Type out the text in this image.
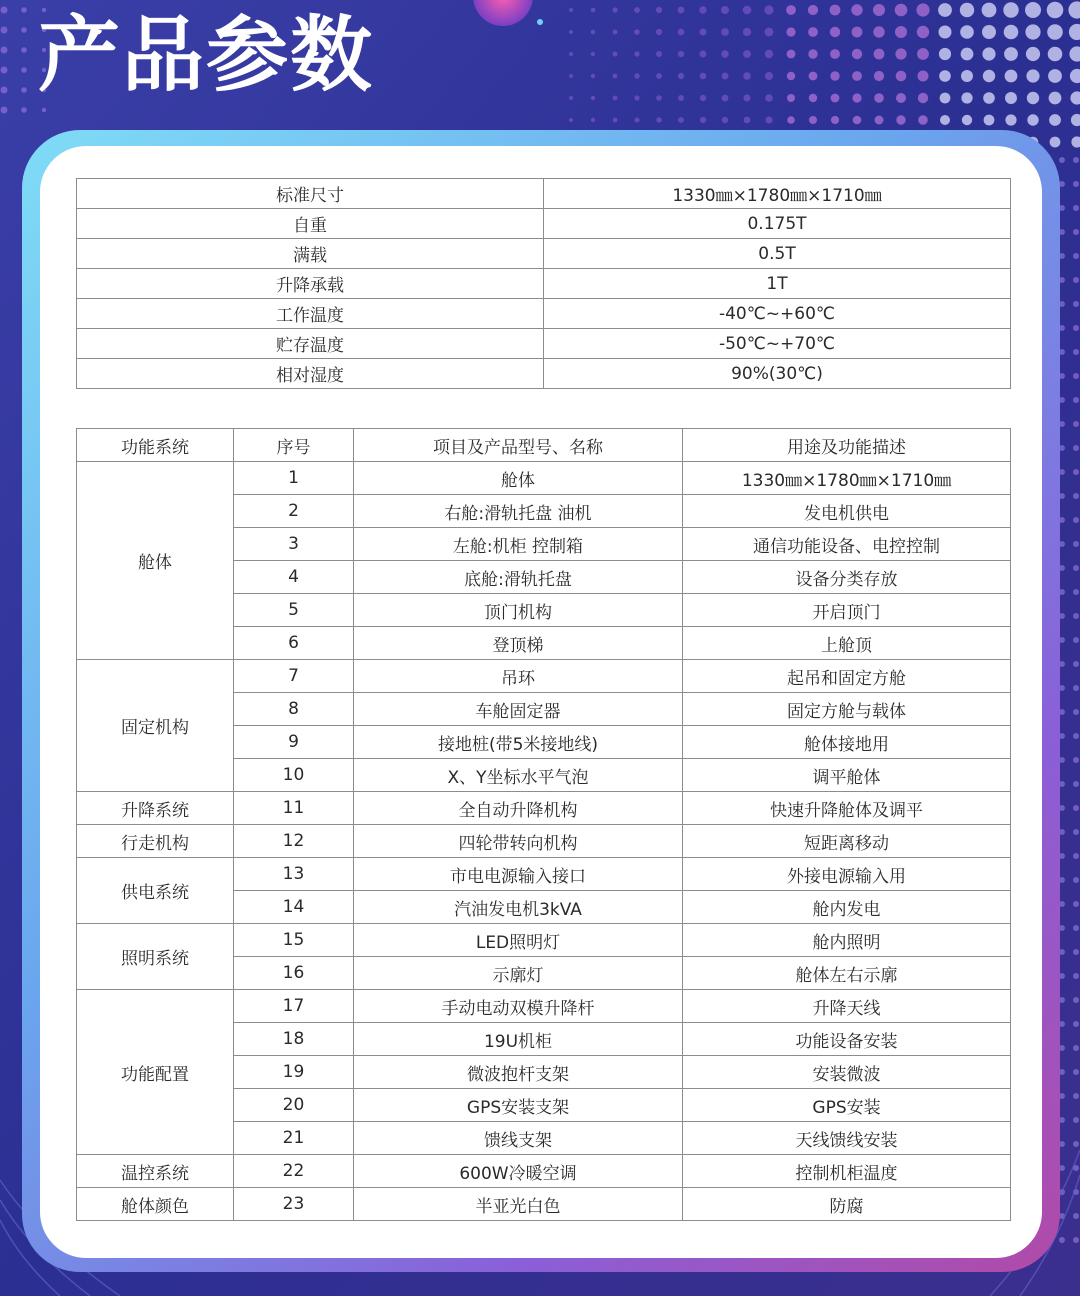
产品参数
标准尺寸	1330㎜×1780㎜×1710㎜
自重	0.175T
满载	0.5T
升降承载	1T
工作温度	-40℃~+60℃
贮存温度	-50℃~+70℃
相对湿度	90%(30℃)
功能系统	序号	项目及产品型号、名称	用途及功能描述
舱体	1	舱体	1330㎜×1780㎜×1710㎜
	2	右舱:滑轨托盘 油机	发电机供电
	3	左舱:机柜 控制箱	通信功能设备、电控控制
	4	底舱:滑轨托盘	设备分类存放
	5	顶门机构	开启顶门
	6	登顶梯	上舱顶
固定机构	7	吊环	起吊和固定方舱
	8	车舱固定器	固定方舱与载体
	9	接地桩(带5米接地线)	舱体接地用
	10	X、Y坐标水平气泡	调平舱体
升降系统	11	全自动升降机构	快速升降舱体及调平
行走机构	12	四轮带转向机构	短距离移动
供电系统	13	市电电源输入接口	外接电源输入用
	14	汽油发电机3kVA	舱内发电
照明系统	15	LED照明灯	舱内照明
	16	示廓灯	舱体左右示廓
功能配置	17	手动电动双模升降杆	升降天线
	18	19U机柜	功能设备安装
	19	微波抱杆支架	安装微波
	20	GPS安装支架	GPS安装
	21	馈线支架	天线馈线安装
温控系统	22	600W冷暖空调	控制机柜温度
舱体颜色	23	半亚光白色	防腐
